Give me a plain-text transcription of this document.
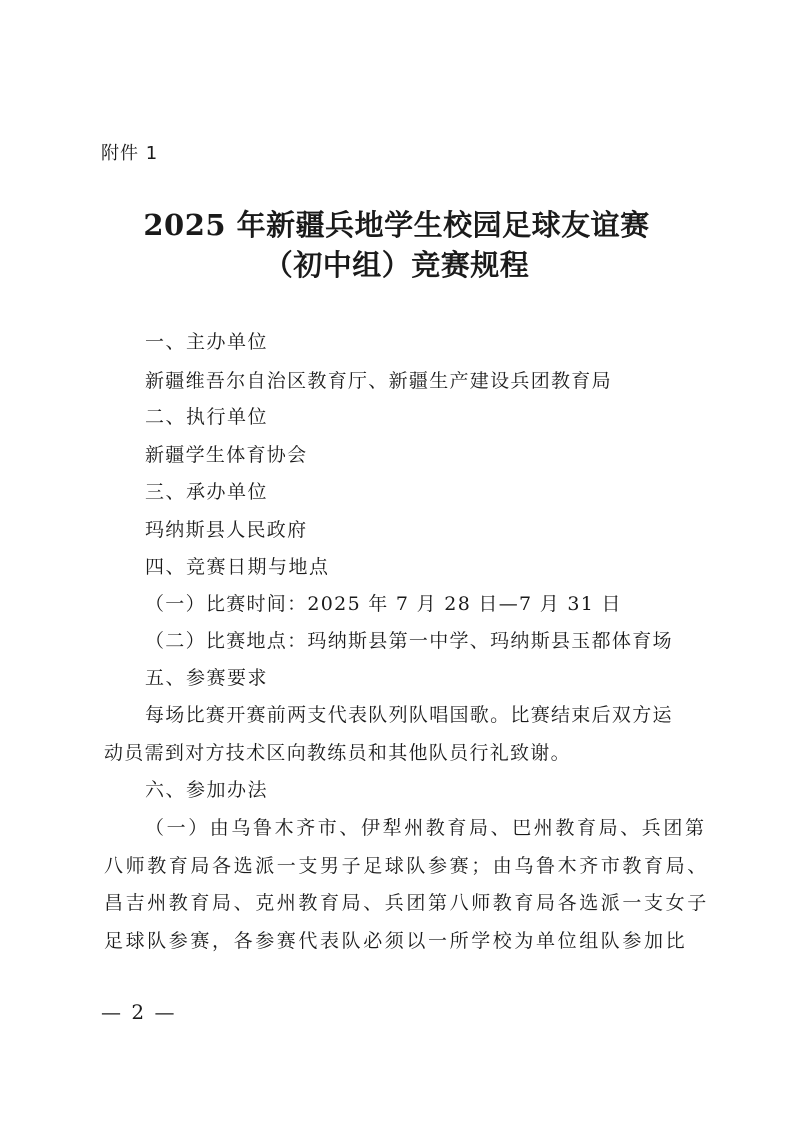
附件 1
2025 年新疆兵地学生校园足球友谊赛
（初中组）竞赛规程
一、主办单位
新疆维吾尔自治区教育厅、新疆生产建设兵团教育局
二、执行单位
新疆学生体育协会
三、承办单位
玛纳斯县人民政府
四、竞赛日期与地点
（一）比赛时间：2025 年 7 月 28 日—7 月 31 日
（二）比赛地点：玛纳斯县第一中学、玛纳斯县玉都体育场
五、参赛要求
每场比赛开赛前两支代表队列队唱国歌。比赛结束后双方运
动员需到对方技术区向教练员和其他队员行礼致谢。
六、参加办法
（一）由乌鲁木齐市、伊犁州教育局、巴州教育局、兵团第
八师教育局各选派一支男子足球队参赛；由乌鲁木齐市教育局、
昌吉州教育局、克州教育局、兵团第八师教育局各选派一支女子
足球队参赛，各参赛代表队必须以一所学校为单位组队参加比
— 2 —
